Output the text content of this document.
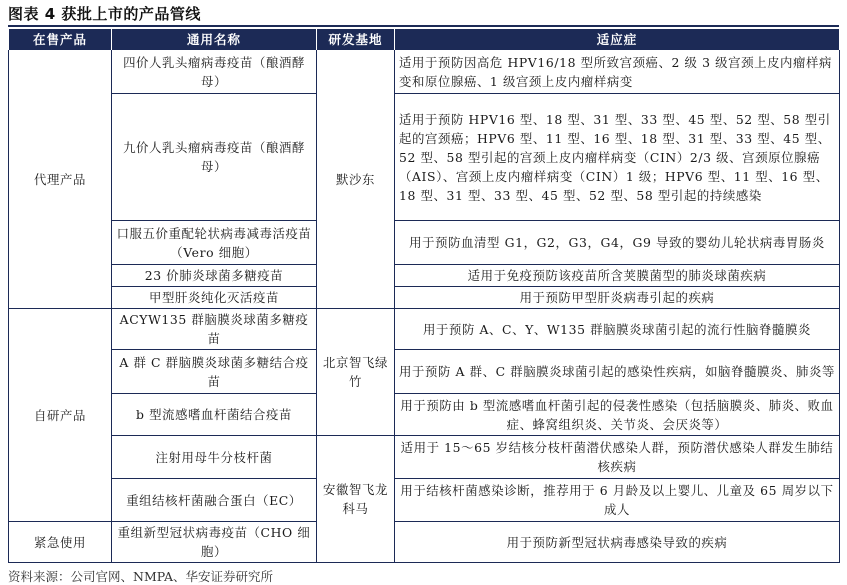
图表 4 获批上市的产品管线
在售产品	通用名称	研发基地	适应症
代理产品	四价人乳头瘤病毒疫苗（酿酒酵母）	默沙东	适用于预防因高危 HPV16/18 型所致宫颈癌、2 级 3 级宫颈上皮内瘤样病变和原位腺癌、1 级宫颈上皮内瘤样病变
	九价人乳头瘤病毒疫苗（酿酒酵母）		适用于预防 HPV16 型、18 型、31 型、33 型、45 型、52 型、58 型引起的宫颈癌；HPV6 型、11 型、16 型、18 型、31 型、33 型、45 型、52 型、58 型引起的宫颈上皮内瘤样病变（CIN）2/3 级、宫颈原位腺癌（AIS）、宫颈上皮内瘤样病变（CIN）1 级；HPV6 型、11 型、16 型、18 型、31 型、33 型、45 型、52 型、58 型引起的持续感染
	口服五价重配轮状病毒减毒活疫苗（Vero 细胞）		用于预防血清型 G1，G2，G3，G4，G9 导致的婴幼儿轮状病毒胃肠炎
	23 价肺炎球菌多糖疫苗		适用于免疫预防该疫苗所含荚膜菌型的肺炎球菌疾病
	甲型肝炎纯化灭活疫苗		用于预防甲型肝炎病毒引起的疾病
自研产品	ACYW135 群脑膜炎球菌多糖疫苗	北京智飞绿竹	用于预防 A、C、Y、W135 群脑膜炎球菌引起的流行性脑脊髓膜炎
	A 群 C 群脑膜炎球菌多糖结合疫苗		用于预防 A 群、C 群脑膜炎球菌引起的感染性疾病，如脑脊髓膜炎、肺炎等
	b 型流感嗜血杆菌结合疫苗		用于预防由 b 型流感嗜血杆菌引起的侵袭性感染（包括脑膜炎、肺炎、败血症、蜂窝组织炎、关节炎、会厌炎等）
	注射用母牛分枝杆菌	安徽智飞龙科马	适用于 15～65 岁结核分枝杆菌潜伏感染人群，预防潜伏感染人群发生肺结核疾病
	重组结核杆菌融合蛋白（EC）		用于结核杆菌感染诊断，推荐用于 6 月龄及以上婴儿、儿童及 65 周岁以下成人
紧急使用	重组新型冠状病毒疫苗（CHO 细胞）		用于预防新型冠状病毒感染导致的疾病
资料来源：公司官网、NMPA、华安证券研究所
